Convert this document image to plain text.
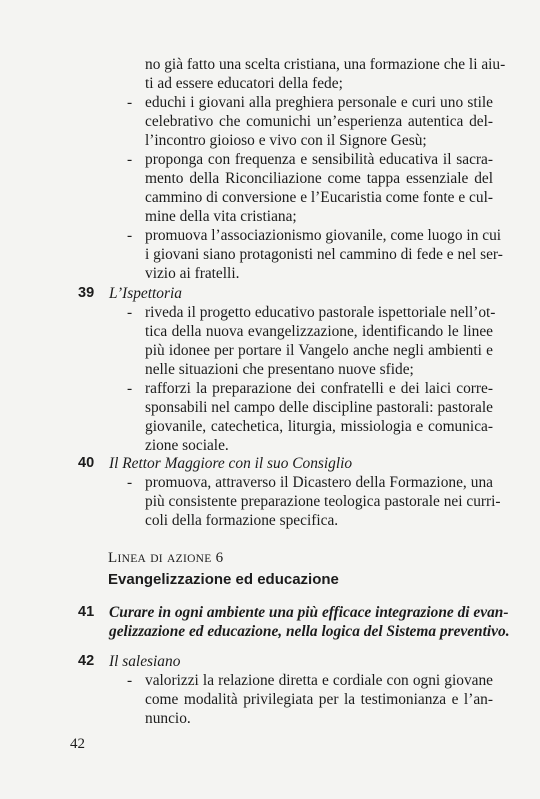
no già fatto una scelta cristiana, una formazione che li aiu-
ti ad essere educatori della fede;
- educhi i giovani alla preghiera personale e curi uno stile
celebrativo che comunichi un’esperienza autentica del-
l’incontro gioioso e vivo con il Signore Gesù;
- proponga con frequenza e sensibilità educativa il sacra-
mento della Riconciliazione come tappa essenziale del
cammino di conversione e l’Eucaristia come fonte e cul-
mine della vita cristiana;
- promuova l’associazionismo giovanile, come luogo in cui
i giovani siano protagonisti nel cammino di fede e nel ser-
vizio ai fratelli.
39 L’Ispettoria
- riveda il progetto educativo pastorale ispettoriale nell’ot-
tica della nuova evangelizzazione, identificando le linee
più idonee per portare il Vangelo anche negli ambienti e
nelle situazioni che presentano nuove sfide;
- rafforzi la preparazione dei confratelli e dei laici corre-
sponsabili nel campo delle discipline pastorali: pastorale
giovanile, catechetica, liturgia, missiologia e comunica-
zione sociale.
40 Il Rettor Maggiore con il suo Consiglio
- promuova, attraverso il Dicastero della Formazione, una
più consistente preparazione teologica pastorale nei curri-
coli della formazione specifica.
LINEA DI AZIONE 6
Evangelizzazione ed educazione
41 Curare in ogni ambiente una più efficace integrazione di evan-
gelizzazione ed educazione, nella logica del Sistema preventivo.
42 Il salesiano
- valorizzi la relazione diretta e cordiale con ogni giovane
come modalità privilegiata per la testimonianza e l’an-
nuncio.
42
